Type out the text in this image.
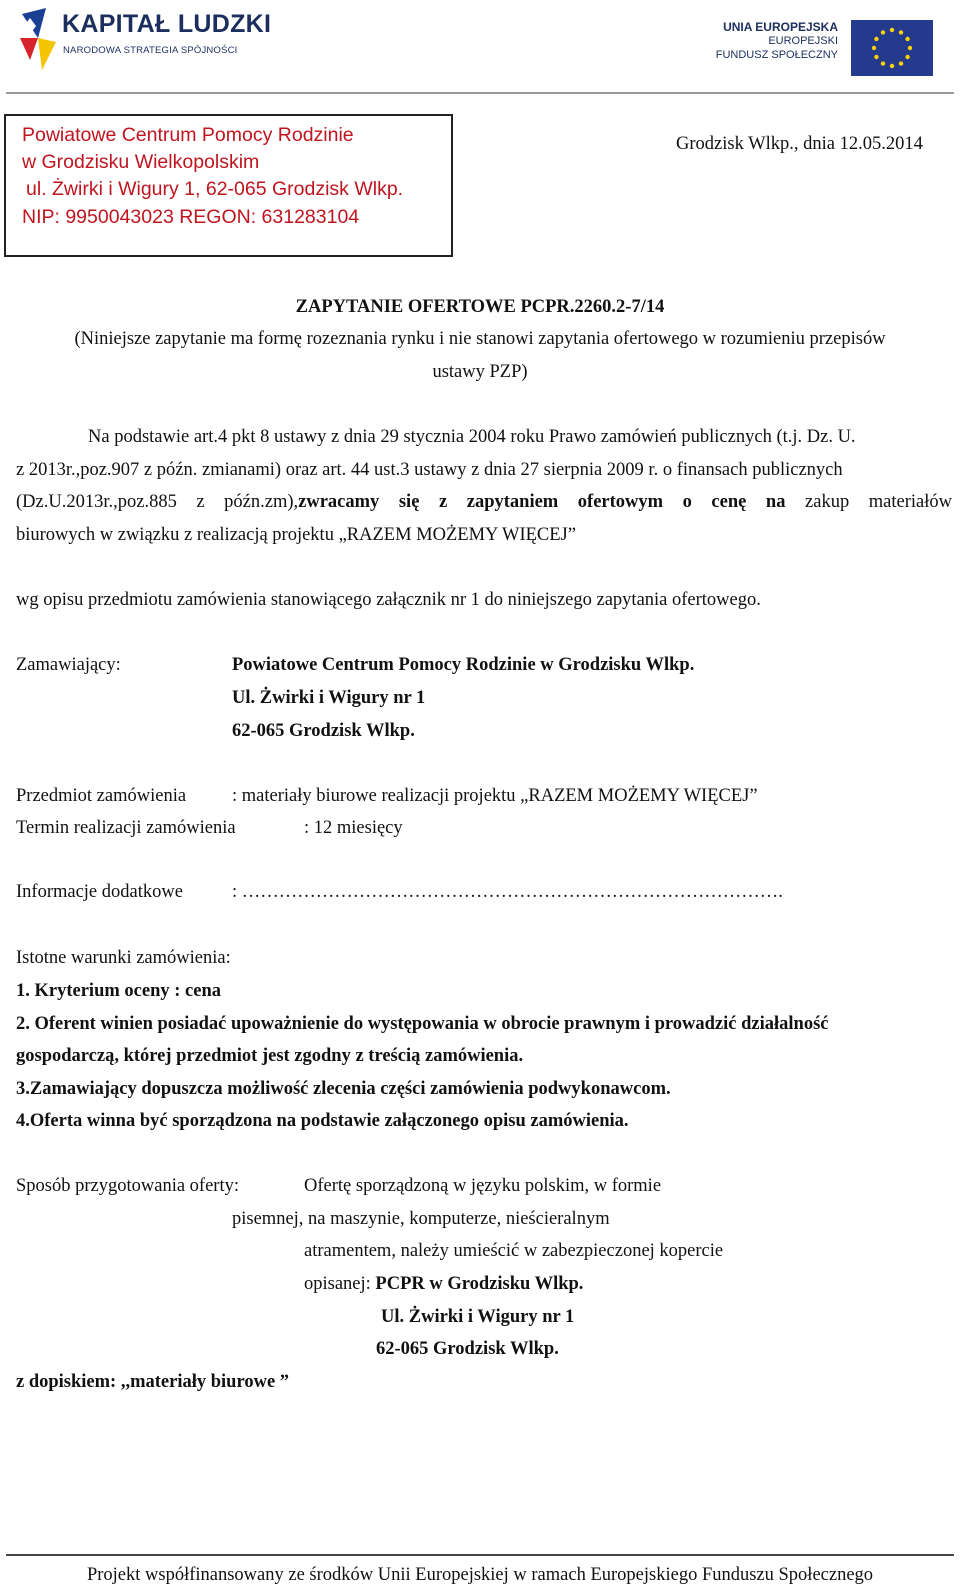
KAPITAŁ LUDZKI
NARODOWA STRATEGIA SPÓJNOŚCI
UNIA EUROPEJSKA
EUROPEJSKI
FUNDUSZ SPOŁECZNY
Powiatowe Centrum Pomocy Rodzinie
w Grodzisku Wielkopolskim
ul. Żwirki i Wigury 1, 62-065 Grodzisk Wlkp.
NIP: 9950043023 REGON: 631283104
Grodzisk Wlkp., dnia 12.05.2014
ZAPYTANIE OFERTOWE PCPR.2260.2-7/14
(Niniejsze zapytanie ma formę rozeznania rynku i nie stanowi zapytania ofertowego w rozumieniu przepisów
ustawy PZP)
Na podstawie art.4 pkt 8 ustawy z dnia 29 stycznia 2004 roku Prawo zamówień publicznych (t.j. Dz. U.
z 2013r.,poz.907 z późn. zmianami) oraz art. 44 ust.3 ustawy z dnia 27 sierpnia 2009 r. o finansach publicznych
(Dz.U.2013r.,poz.885 z późn.zm),zwracamy się z zapytaniem ofertowym o cenę na zakup materiałów
biurowych w związku z realizacją projektu „RAZEM MOŻEMY WIĘCEJ”
wg opisu przedmiotu zamówienia stanowiącego załącznik nr 1 do niniejszego zapytania ofertowego.
Zamawiający:	Powiatowe Centrum Pomocy Rodzinie w Grodzisku Wlkp.
Ul. Żwirki i Wigury nr 1
62-065 Grodzisk Wlkp.
Przedmiot zamówienia : materiały biurowe realizacji projektu „RAZEM MOŻEMY WIĘCEJ”
Termin realizacji zamówienia	: 12 miesięcy
Informacje dodatkowe	: …………………………………………………………………………….
Istotne warunki zamówienia:
1. Kryterium oceny : cena
2. Oferent winien posiadać upoważnienie do występowania w obrocie prawnym i prowadzić działalność
gospodarczą, której przedmiot jest zgodny z treścią zamówienia.
3.Zamawiający dopuszcza możliwość zlecenia części zamówienia podwykonawcom.
4.Oferta winna być sporządzona na podstawie załączonego opisu zamówienia.
Sposób przygotowania oferty:	Ofertę sporządzoną w języku polskim, w formie
pisemnej, na maszynie, komputerze, nieścieralnym
atramentem, należy umieścić w zabezpieczonej kopercie
opisanej: PCPR w Grodzisku Wlkp.
Ul. Żwirki i Wigury nr 1
62-065 Grodzisk Wlkp.
z dopiskiem: ,,materiały biurowe ”
Projekt współfinansowany ze środków Unii Europejskiej w ramach Europejskiego Funduszu Społecznego
